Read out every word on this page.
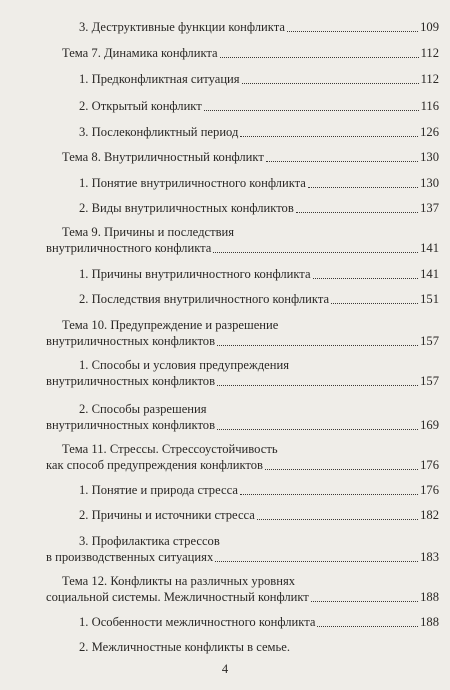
3. Деструктивные функции конфликта	109
Тема 7. Динамика конфликта	112
1. Предконфликтная ситуация	112
2. Открытый конфликт	116
3. Послеконфликтный период	126
Тема 8. Внутриличностный конфликт	130
1. Понятие внутриличностного конфликта	130
2. Виды внутриличностных конфликтов	137
Тема 9. Причины и последствия
внутриличностного конфликта	141
1. Причины внутриличностного конфликта	141
2. Последствия внутриличностного конфликта	151
Тема 10. Предупреждение и разрешение
внутриличностных конфликтов	157
1. Способы и условия предупреждения
внутриличностных конфликтов	157
2. Способы разрешения
внутриличностных конфликтов	169
Тема 11. Стрессы. Стрессоустойчивость
как способ предупреждения конфликтов	176
1. Понятие и природа стресса	176
2. Причины и источники стресса	182
3. Профилактика стрессов
в производственных ситуациях	183
Тема 12. Конфликты на различных уровнях
социальной системы. Межличностный конфликт	188
1. Особенности межличностного конфликта	188
2. Межличностные конфликты в семье.
4
